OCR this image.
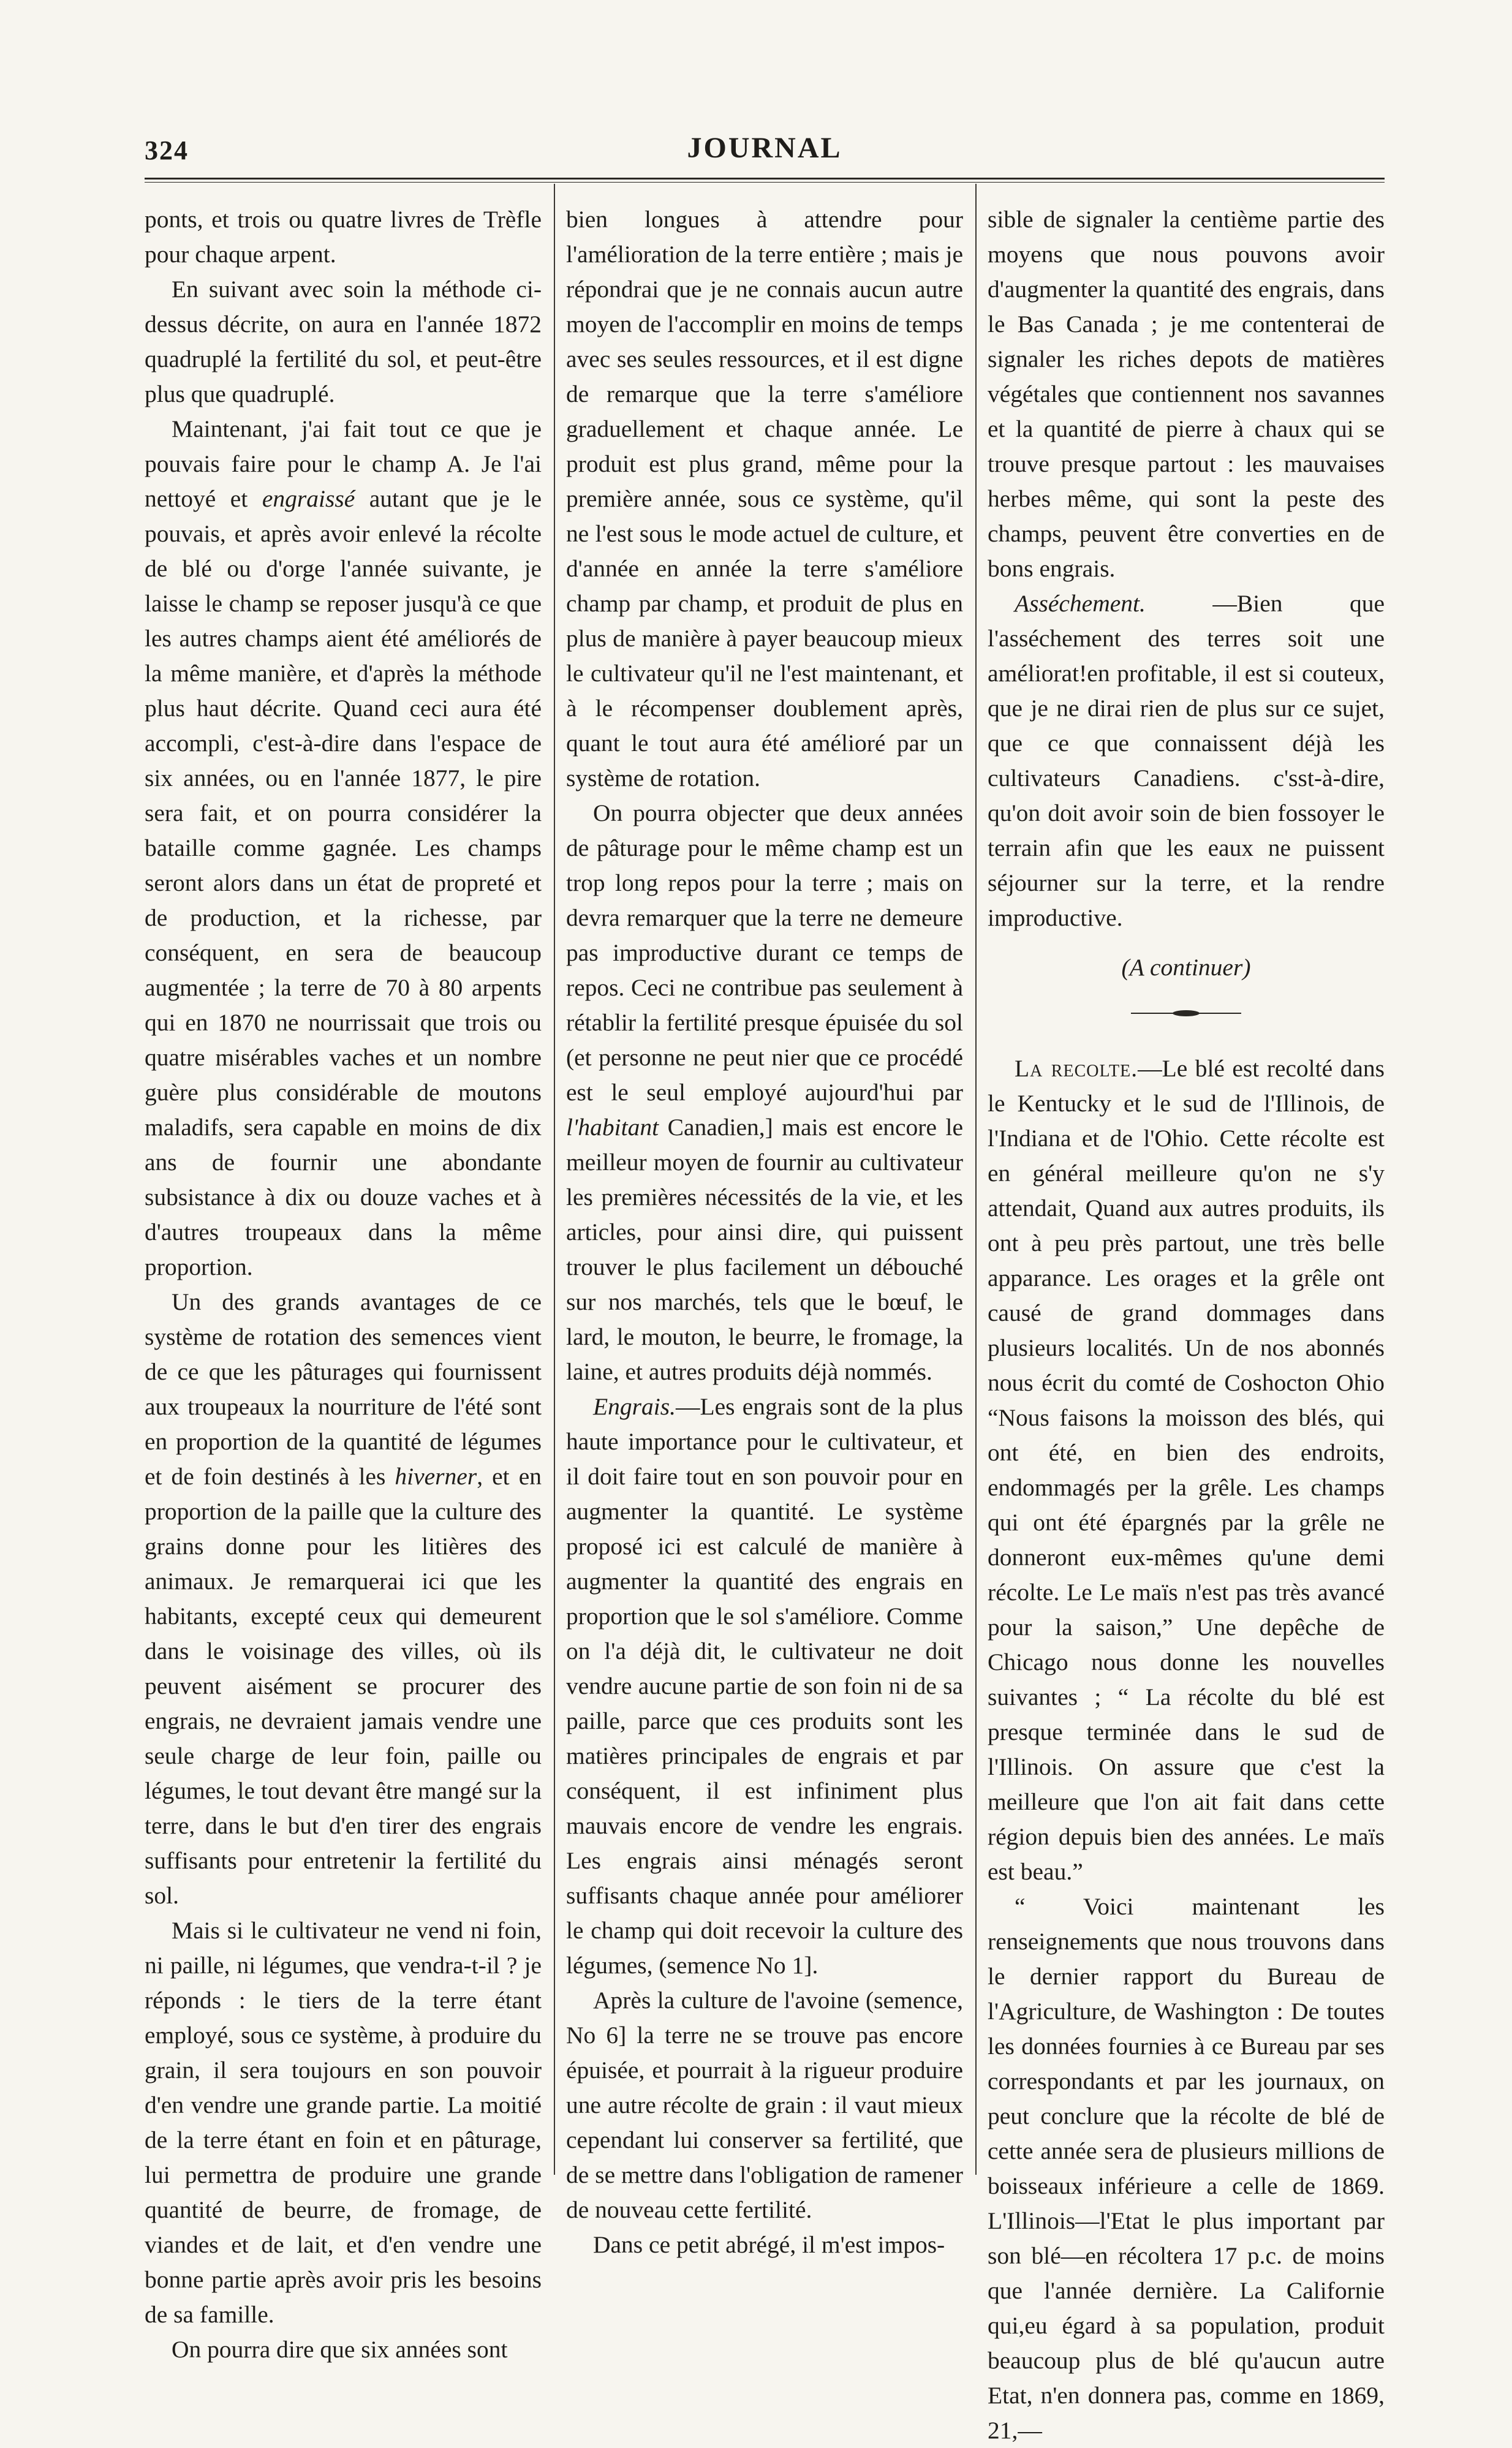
324	JOURNAL

ponts, et trois ou quatre livres de Trèfle pour chaque arpent.

En suivant avec soin la méthode ci-dessus décrite, on aura en l'année 1872 quadruplé la fertilité du sol, et peut-être plus que quadruplé.

Maintenant, j'ai fait tout ce que je pouvais faire pour le champ A. Je l'ai nettoyé et engraissé autant que je le pouvais, et après avoir enlevé la récolte de blé ou d'orge l'année suivante, je laisse le champ se reposer jusqu'à ce que les autres champs aient été améliorés de la même manière, et d'après la méthode plus haut décrite. Quand ceci aura été accompli, c'est-à-dire dans l'espace de six années, ou en l'année 1877, le pire sera fait, et on pourra considérer la bataille comme gagnée. Les champs seront alors dans un état de propreté et de production, et la richesse, par conséquent, en sera de beaucoup augmentée ; la terre de 70 à 80 arpents qui en 1870 ne nourrissait que trois ou quatre misérables vaches et un nombre guère plus considérable de moutons maladifs, sera capable en moins de dix ans de fournir une abondante subsistance à dix ou douze vaches et à d'autres troupeaux dans la même proportion.

Un des grands avantages de ce système de rotation des semences vient de ce que les pâturages qui fournissent aux troupeaux la nourriture de l'été sont en proportion de la quantité de légumes et de foin destinés à les hiverner, et en proportion de la paille que la culture des grains donne pour les litières des animaux. Je remarquerai ici que les habitants, excepté ceux qui demeurent dans le voisinage des villes, où ils peuvent aisément se procurer des engrais, ne devraient jamais vendre une seule charge de leur foin, paille ou légumes, le tout devant être mangé sur la terre, dans le but d'en tirer des engrais suffisants pour entretenir la fertilité du sol.

Mais si le cultivateur ne vend ni foin, ni paille, ni légumes, que vendra-t-il ? je réponds : le tiers de la terre étant employé, sous ce système, à produire du grain, il sera toujours en son pouvoir d'en vendre une grande partie. La moitié de la terre étant en foin et en pâturage, lui permettra de produire une grande quantité de beurre, de fromage, de viandes et de lait, et d'en vendre une bonne partie après avoir pris les besoins de sa famille.

On pourra dire que six années sont

bien longues à attendre pour l'amélioration de la terre entière ; mais je répondrai que je ne connais aucun autre moyen de l'accomplir en moins de temps avec ses seules ressources, et il est digne de remarque que la terre s'améliore graduellement et chaque année. Le produit est plus grand, même pour la première année, sous ce système, qu'il ne l'est sous le mode actuel de culture, et d'année en année la terre s'améliore champ par champ, et produit de plus en plus de manière à payer beaucoup mieux le cultivateur qu'il ne l'est maintenant, et à le récompenser doublement après, quant le tout aura été amélioré par un système de rotation.

On pourra objecter que deux années de pâturage pour le même champ est un trop long repos pour la terre ; mais on devra remarquer que la terre ne demeure pas improductive durant ce temps de repos. Ceci ne contribue pas seulement à rétablir la fertilité presque épuisée du sol (et personne ne peut nier que ce procédé est le seul employé aujourd'hui par l'habitant Canadien,] mais est encore le meilleur moyen de fournir au cultivateur les premières nécessités de la vie, et les articles, pour ainsi dire, qui puissent trouver le plus facilement un débouché sur nos marchés, tels que le bœuf, le lard, le mouton, le beurre, le fromage, la laine, et autres produits déjà nommés.

Engrais.—Les engrais sont de la plus haute importance pour le cultivateur, et il doit faire tout en son pouvoir pour en augmenter la quantité. Le système proposé ici est calculé de manière à augmenter la quantité des engrais en proportion que le sol s'améliore. Comme on l'a déjà dit, le cultivateur ne doit vendre aucune partie de son foin ni de sa paille, parce que ces produits sont les matières principales de engrais et par conséquent, il est infiniment plus mauvais encore de vendre les engrais. Les engrais ainsi ménagés seront suffisants chaque année pour améliorer le champ qui doit recevoir la culture des légumes, (semence No 1].

Après la culture de l'avoine (semence, No 6] la terre ne se trouve pas encore épuisée, et pourrait à la rigueur produire une autre récolte de grain : il vaut mieux cependant lui conserver sa fertilité, que de se mettre dans l'obligation de ramener de nouveau cette fertilité.

Dans ce petit abrégé, il m'est impos-

sible de signaler la centième partie des moyens que nous pouvons avoir d'augmenter la quantité des engrais, dans le Bas Canada ; je me contenterai de signaler les riches depots de matières végétales que contiennent nos savannes et la quantité de pierre à chaux qui se trouve presque partout : les mauvaises herbes même, qui sont la peste des champs, peuvent être converties en de bons engrais.

Asséchement. —Bien que l'asséchement des terres soit une améliorat!en profitable, il est si couteux, que je ne dirai rien de plus sur ce sujet, que ce que connaissent déjà les cultivateurs Canadiens. c'sst-à-dire, qu'on doit avoir soin de bien fossoyer le terrain afin que les eaux ne puissent séjourner sur la terre, et la rendre improductive.

(A continuer)

La recolte.—Le blé est recolté dans le Kentucky et le sud de l'Illinois, de l'Indiana et de l'Ohio. Cette récolte est en général meilleure qu'on ne s'y attendait, Quand aux autres produits, ils ont à peu près partout, une très belle apparance. Les orages et la grêle ont causé de grand dommages dans plusieurs localités. Un de nos abonnés nous écrit du comté de Coshocton Ohio “Nous faisons la moisson des blés, qui ont été, en bien des endroits, endommagés per la grêle. Les champs qui ont été épargnés par la grêle ne donneront eux-mêmes qu'une demi récolte. Le Le maïs n'est pas très avancé pour la saison,” Une depêche de Chicago nous donne les nouvelles suivantes ; “ La récolte du blé est presque terminée dans le sud de l'Illinois. On assure que c'est la meilleure que l'on ait fait dans cette région depuis bien des années. Le maïs est beau.”

“ Voici maintenant les renseignements que nous trouvons dans le dernier rapport du Bureau de l'Agriculture, de Washington : De toutes les données fournies à ce Bureau par ses correspondants et par les journaux, on peut conclure que la récolte de blé de cette année sera de plusieurs millions de boisseaux inférieure a celle de 1869. L'Illinois—l'Etat le plus important par son blé—en récoltera 17 p.c. de moins que l'année dernière. La Californie qui,eu égard à sa population, produit beaucoup plus de blé qu'aucun autre Etat, n'en donnera pas, comme en 1869, 21,—
